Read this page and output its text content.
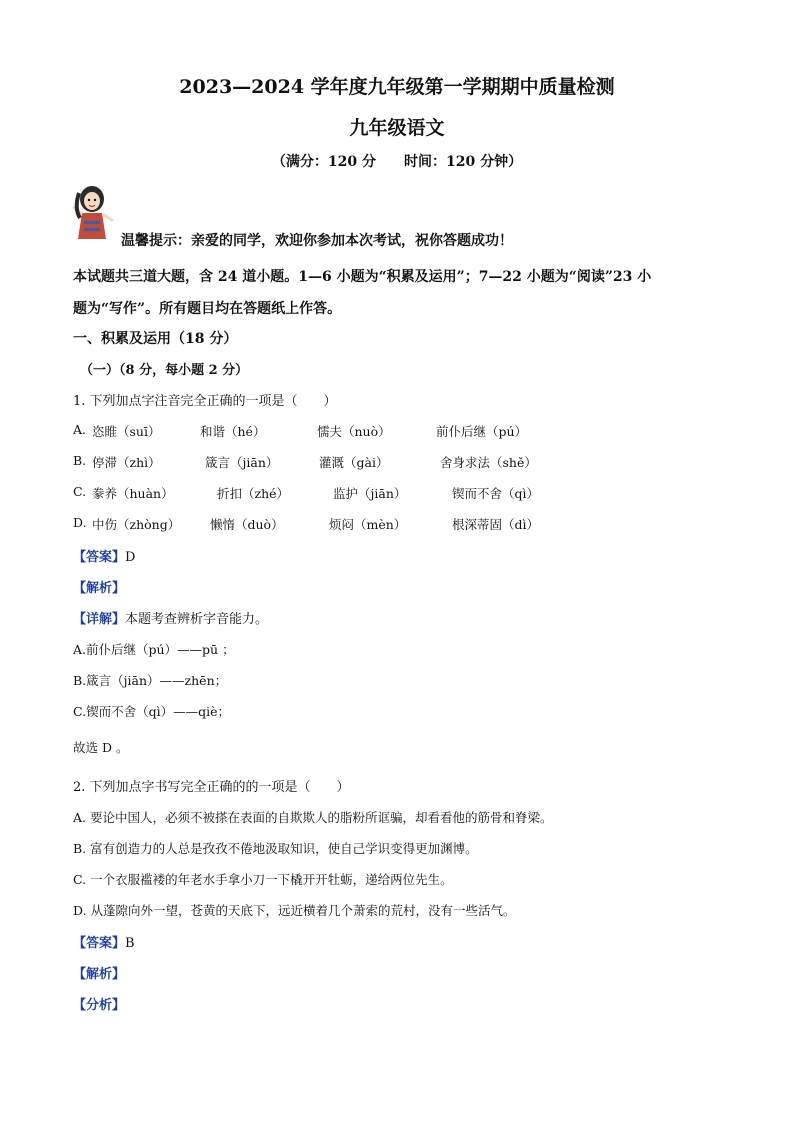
2023—2024 学年度九年级第一学期期中质量检测
九年级语文
（满分：120 分　　时间：120 分钟）
温馨提示：亲爱的同学，欢迎你参加本次考试，祝你答题成功！
本试题共三道大题，含 24 道小题。1—6 小题为“积累及运用”；7—22 小题为“阅读”23 小
题为“写作”。所有题目均在答题纸上作答。
一、积累及运用（18 分）
（一）（8 分，每小题 2 分）
1. 下列加点字注音完全正确的一项是（　　）
A. 恣睢（suī）	和谐（hé）	懦夫（nuò）	前仆后继（pú）
B. 停滞（zhì）	箴言（jiān）	灌溉（gài）	舍身求法（shě）
C. 豢养（huàn）	折扣（zhé）	监护（jiān）	锲而不舍（qì）
D. 中伤（zhòng） 懒惰（duò）	烦闷（mèn）	根深蒂固（dì）
【答案】D
【解析】
【详解】本题考查辨析字音能力。
A.前仆后继（pú）——pū ；
B.箴言（jiān）——zhēn；
C.锲而不舍（qì）——qiè；
故选 D 。
2. 下列加点字书写完全正确的的一项是（　　）
A. 要论中国人，必须不被搽在表面的自欺欺人的脂粉所诓骗，却看看他的筋骨和脊梁。
B. 富有创造力的人总是孜孜不倦地汲取知识，使自己学识变得更加渊博。
C. 一个衣服褴褛的年老水手拿小刀一下橇开开牡蛎，递给两位先生。
D. 从蓬隙向外一望，苍黄的天底下，远近横着几个萧索的荒村，没有一些活气。
【答案】B
【解析】
【分析】
